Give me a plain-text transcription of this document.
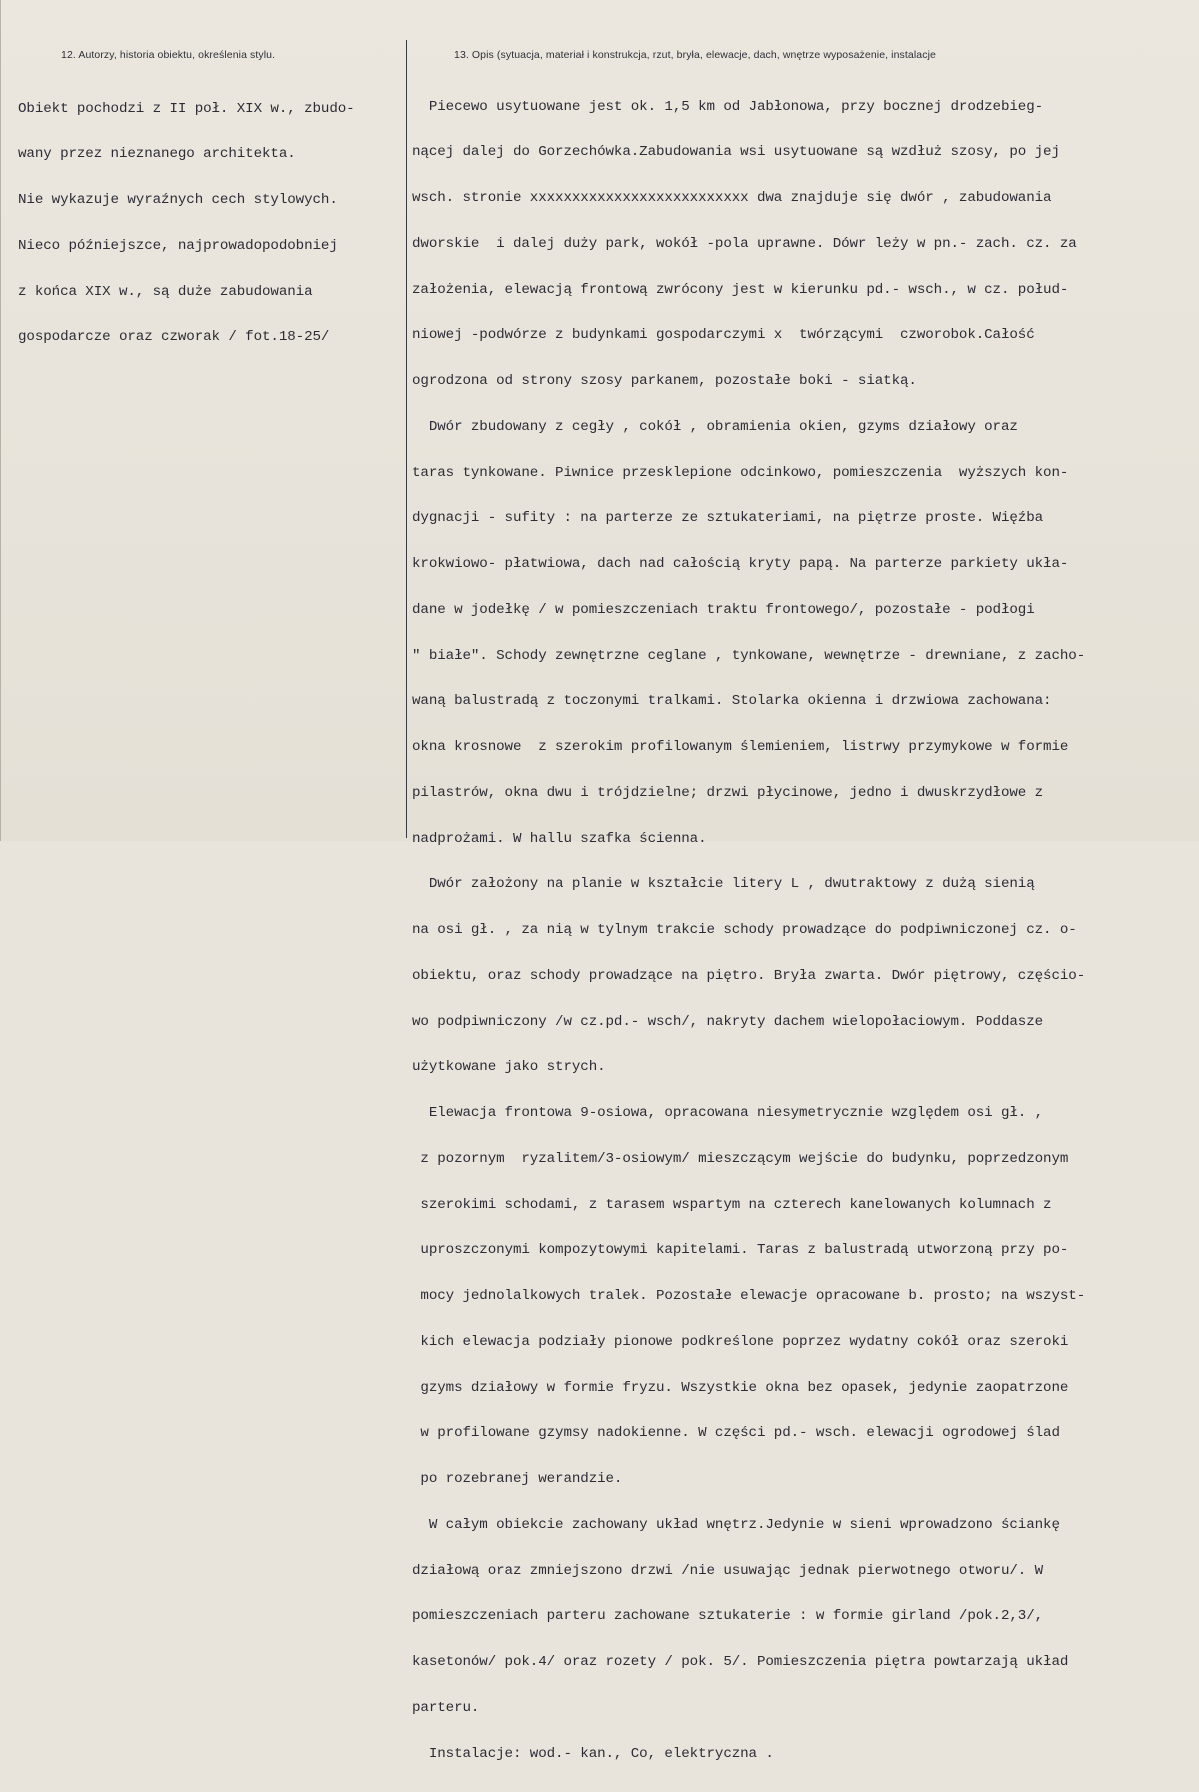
12. Autorzy, historia obiektu, określenia stylu.	13. Opis (sytuacja, materiał i konstrukcja, rzut, bryła, elewacje, dach, wnętrze wyposażenie, instalacje

Obiekt pochodzi z II poł. XIX w., zbudo-

wany przez nieznanego architekta.

Nie wykazuje wyraźnych cech stylowych.

Nieco późniejszce, najprowadopodobniej

z końca XIX w., są duże zabudowania

gospodarcze oraz czworak / fot.18-25/

Piecewo usytuowane jest ok. 1,5 km od Jabłonowa, przy bocznej drodzebieg-

nącej dalej do Gorzechówka.Zabudowania wsi usytuowane są wzdłuż szosy, po jej

wsch. stronie xxxxxxxxxxxxxxxxxxxxxxxxxx dwa znajduje się dwór , zabudowania

dworskie  i dalej duży park, wokół -pola uprawne. Dówr leży w pn.- zach. cz. za

założenia, elewacją frontową zwrócony jest w kierunku pd.- wsch., w cz. połud-

niowej -podwórze z budynkami gospodarczymi x  twórzącymi  czworobok.Całość

ogrodzona od strony szosy parkanem, pozostałe boki - siatką.

Dwór zbudowany z cegły , cokół , obramienia okien, gzyms działowy oraz

taras tynkowane. Piwnice przesklepione odcinkowo, pomieszczenia  wyższych kon-

dygnacji - sufity : na parterze ze sztukateriami, na piętrze proste. Więźba

krokwiowo- płatwiowa, dach nad całością kryty papą. Na parterze parkiety ukła-

dane w jodełkę / w pomieszczeniach traktu frontowego/, pozostałe - podłogi

" białe". Schody zewnętrzne ceglane , tynkowane, wewnętrze - drewniane, z zacho-

waną balustradą z toczonymi tralkami. Stolarka okienna i drzwiowa zachowana:

okna krosnowe  z szerokim profilowanym ślemieniem, listrwy przymykowe w formie

pilastrów, okna dwu i trójdzielne; drzwi płycinowe, jedno i dwuskrzydłowe z

nadprożami. W hallu szafka ścienna.

Dwór założony na planie w kształcie litery L , dwutraktowy z dużą sienią

na osi gł. , za nią w tylnym trakcie schody prowadzące do podpiwniczonej cz. o-

obiektu, oraz schody prowadzące na piętro. Bryła zwarta. Dwór piętrowy, częścio-

wo podpiwniczony /w cz.pd.- wsch/, nakryty dachem wielopołaciowym. Poddasze

użytkowane jako strych.

Elewacja frontowa 9-osiowa, opracowana niesymetrycznie względem osi gł. ,

z pozornym  ryzalitem/3-osiowym/ mieszczącym wejście do budynku, poprzedzonym

szerokimi schodami, z tarasem wspartym na czterech kanelowanych kolumnach z

uproszczonymi kompozytowymi kapitelami. Taras z balustradą utworzoną przy po-

mocy jednolalkowych tralek. Pozostałe elewacje opracowane b. prosto; na wszyst-

kich elewacja podziały pionowe podkreślone poprzez wydatny cokół oraz szeroki

gzyms działowy w formie fryzu. Wszystkie okna bez opasek, jedynie zaopatrzone

w profilowane gzymsy nadokienne. W części pd.- wsch. elewacji ogrodowej ślad

po rozebranej werandzie.

W całym obiekcie zachowany układ wnętrz.Jedynie w sieni wprowadzono ściankę

działową oraz zmniejszono drzwi /nie usuwając jednak pierwotnego otworu/. W

pomieszczeniach parteru zachowane sztukaterie : w formie girland /pok.2,3/,

kasetonów/ pok.4/ oraz rozety / pok. 5/. Pomieszczenia piętra powtarzają układ

parteru.

Instalacje: wod.- kan., Co, elektryczna .
